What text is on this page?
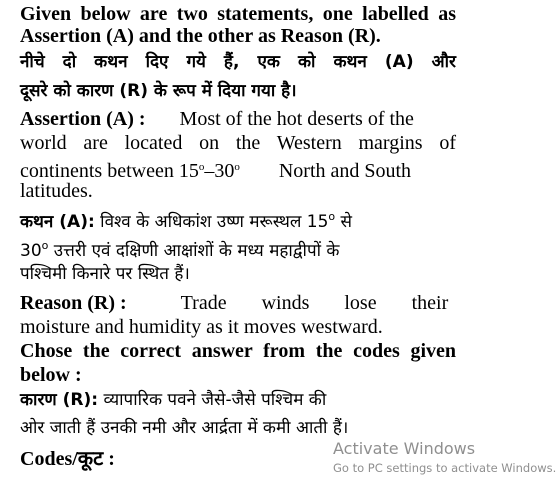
Given below are two statements, one labelled as
Assertion (A) and the other as Reason (R).
नीचे दो कथन दिए गये हैं, एक को कथन (A) और
दूसरे को कारण (R) के रूप में दिया गया है।
Assertion (A) : Most of the hot deserts of the
world are located on the Western margins of
continents between 15$^o$–30$^o$ North and South
latitudes.
कथन (A): विश्व के अधिकांश उष्ण मरूस्थल 15$^o$ से
30$^o$ उत्तरी एवं दक्षिणी आक्षांशों के मध्य महाद्वीपों के
पश्चिमी किनारे पर स्थित हैं।
Reason (R) :	Trade winds lose their
moisture and humidity as it moves westward.
Chose the correct answer from the codes given
below :
कारण (R): व्यापारिक पवने जैसे-जैसे पश्चिम की
ओर जाती हैं उनकी नमी और आर्द्रता में कमी आती हैं।
Codes/कूट :	Activate Windows
Go to PC settings to activate Windows.
